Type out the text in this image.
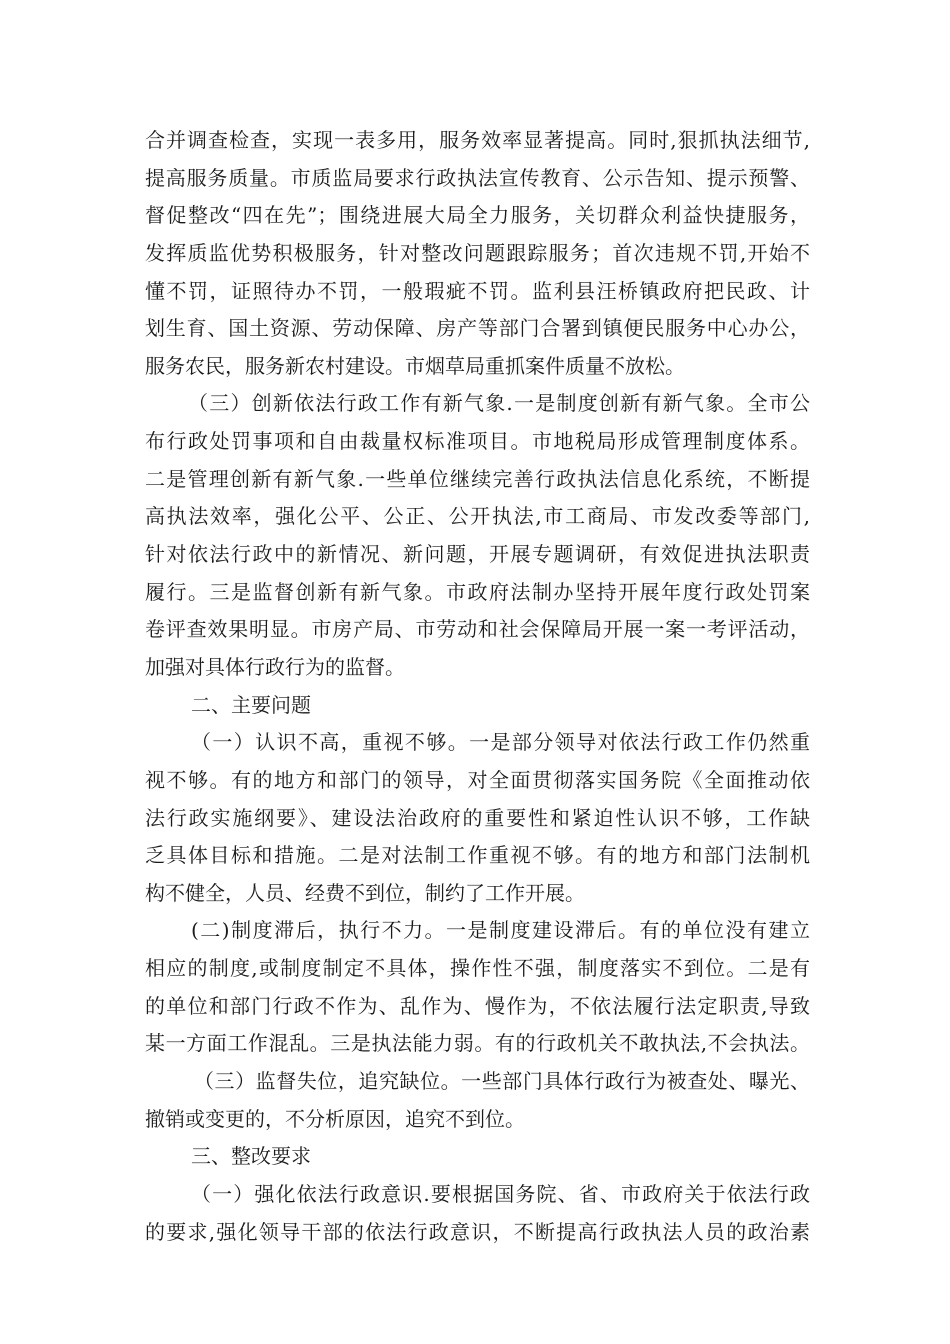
合并调查检查，实现一表多用，服务效率显著提高。同时,狠抓执法细节,
提高服务质量。市质监局要求行政执法宣传教育、公示告知、提示预警、
督促整改“四在先”；围绕进展大局全力服务，关切群众利益快捷服务，
发挥质监优势积极服务，针对整改问题跟踪服务；首次违规不罚,开始不
懂不罚，证照待办不罚，一般瑕疵不罚。监利县汪桥镇政府把民政、计
划生育、国土资源、劳动保障、房产等部门合署到镇便民服务中心办公，
服务农民，服务新农村建设。市烟草局重抓案件质量不放松。
（三）创新依法行政工作有新气象.一是制度创新有新气象。全市公
布行政处罚事项和自由裁量权标准项目。市地税局形成管理制度体系。
二是管理创新有新气象.一些单位继续完善行政执法信息化系统，不断提
高执法效率，强化公平、公正、公开执法,市工商局、市发改委等部门,
针对依法行政中的新情况、新问题，开展专题调研，有效促进执法职责
履行。三是监督创新有新气象。市政府法制办坚持开展年度行政处罚案
卷评查效果明显。市房产局、市劳动和社会保障局开展一案一考评活动，
加强对具体行政行为的监督。
二、主要问题
（一）认识不高，重视不够。一是部分领导对依法行政工作仍然重
视不够。有的地方和部门的领导，对全面贯彻落实国务院《全面推动依
法行政实施纲要》、建设法治政府的重要性和紧迫性认识不够，工作缺
乏具体目标和措施。二是对法制工作重视不够。有的地方和部门法制机
构不健全，人员、经费不到位，制约了工作开展。
(二)制度滞后，执行不力。一是制度建设滞后。有的单位没有建立
相应的制度,或制度制定不具体，操作性不强，制度落实不到位。二是有
的单位和部门行政不作为、乱作为、慢作为，不依法履行法定职责,导致
某一方面工作混乱。三是执法能力弱。有的行政机关不敢执法,不会执法。
（三）监督失位，追究缺位。一些部门具体行政行为被查处、曝光、
撤销或变更的，不分析原因，追究不到位。
三、整改要求
（一）强化依法行政意识.要根据国务院、省、市政府关于依法行政
的要求,强化领导干部的依法行政意识，不断提高行政执法人员的政治素
